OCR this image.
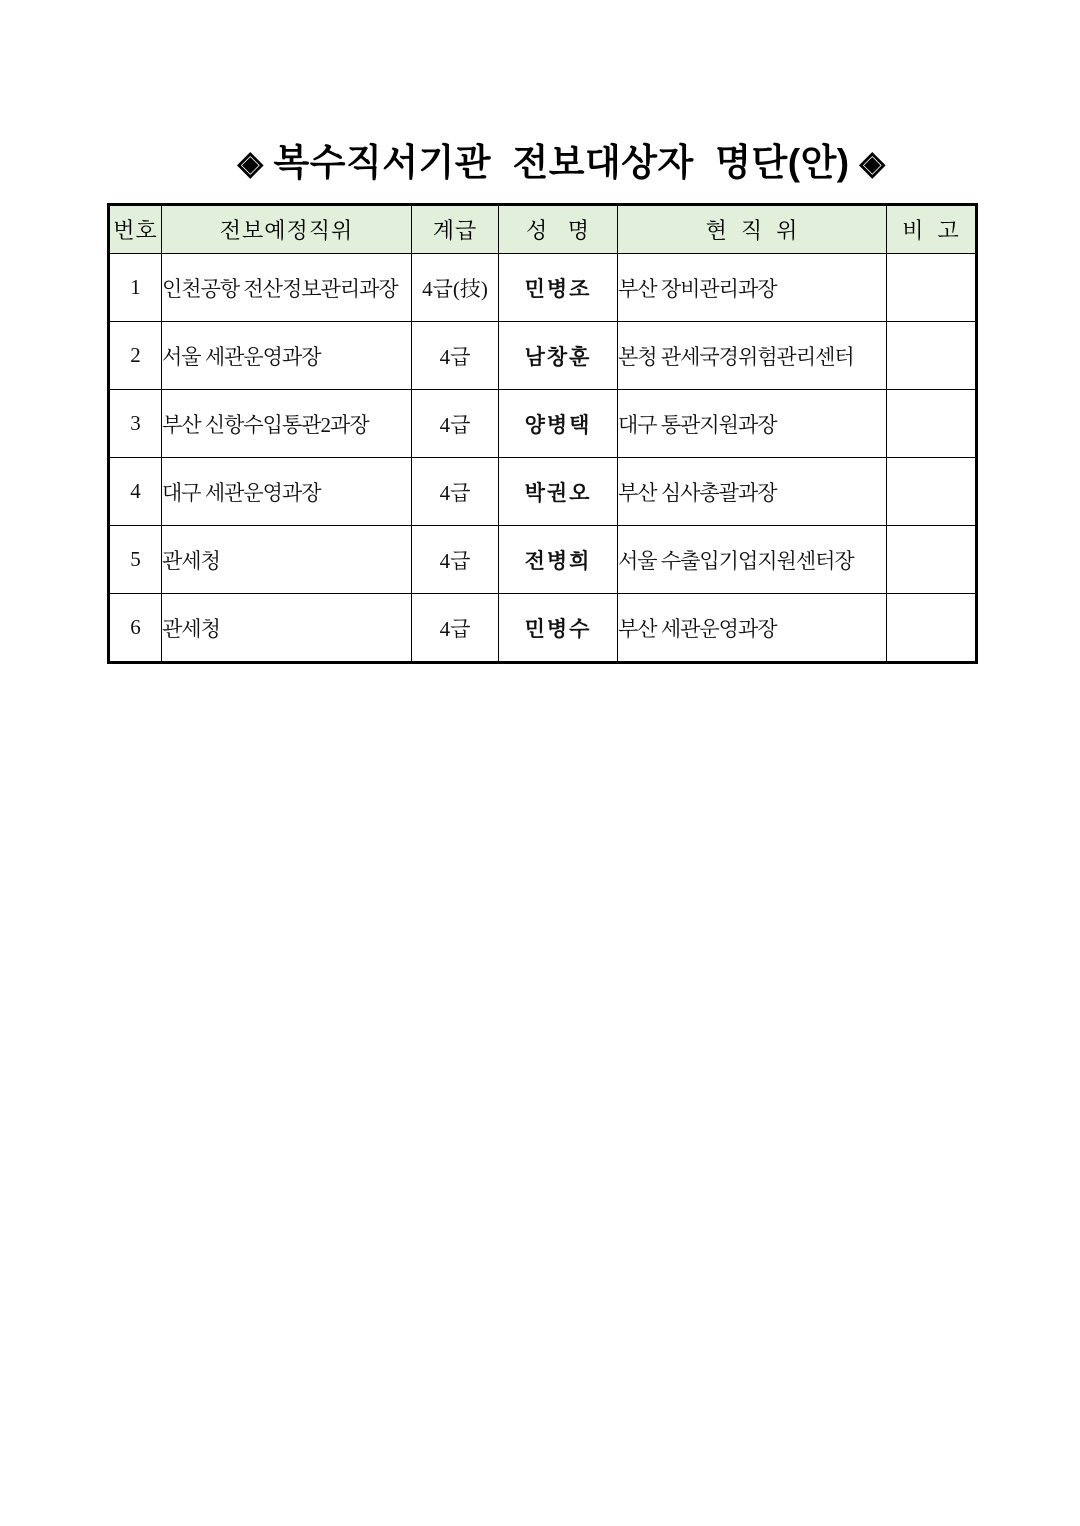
◈ 복수직서기관  전보대상자  명단(안) ◈

번호	전보예정직위	계급	성   명	현  직  위	비  고
1	인천공항 전산정보관리과장	4급(技)	민병조	부산 장비관리과장	
2	서울 세관운영과장	4급	남창훈	본청 관세국경위험관리센터	
3	부산 신항수입통관2과장	4급	양병택	대구 통관지원과장	
4	대구 세관운영과장	4급	박권오	부산 심사총괄과장	
5	관세청	4급	전병희	서울 수출입기업지원센터장	
6	관세청	4급	민병수	부산 세관운영과장	
